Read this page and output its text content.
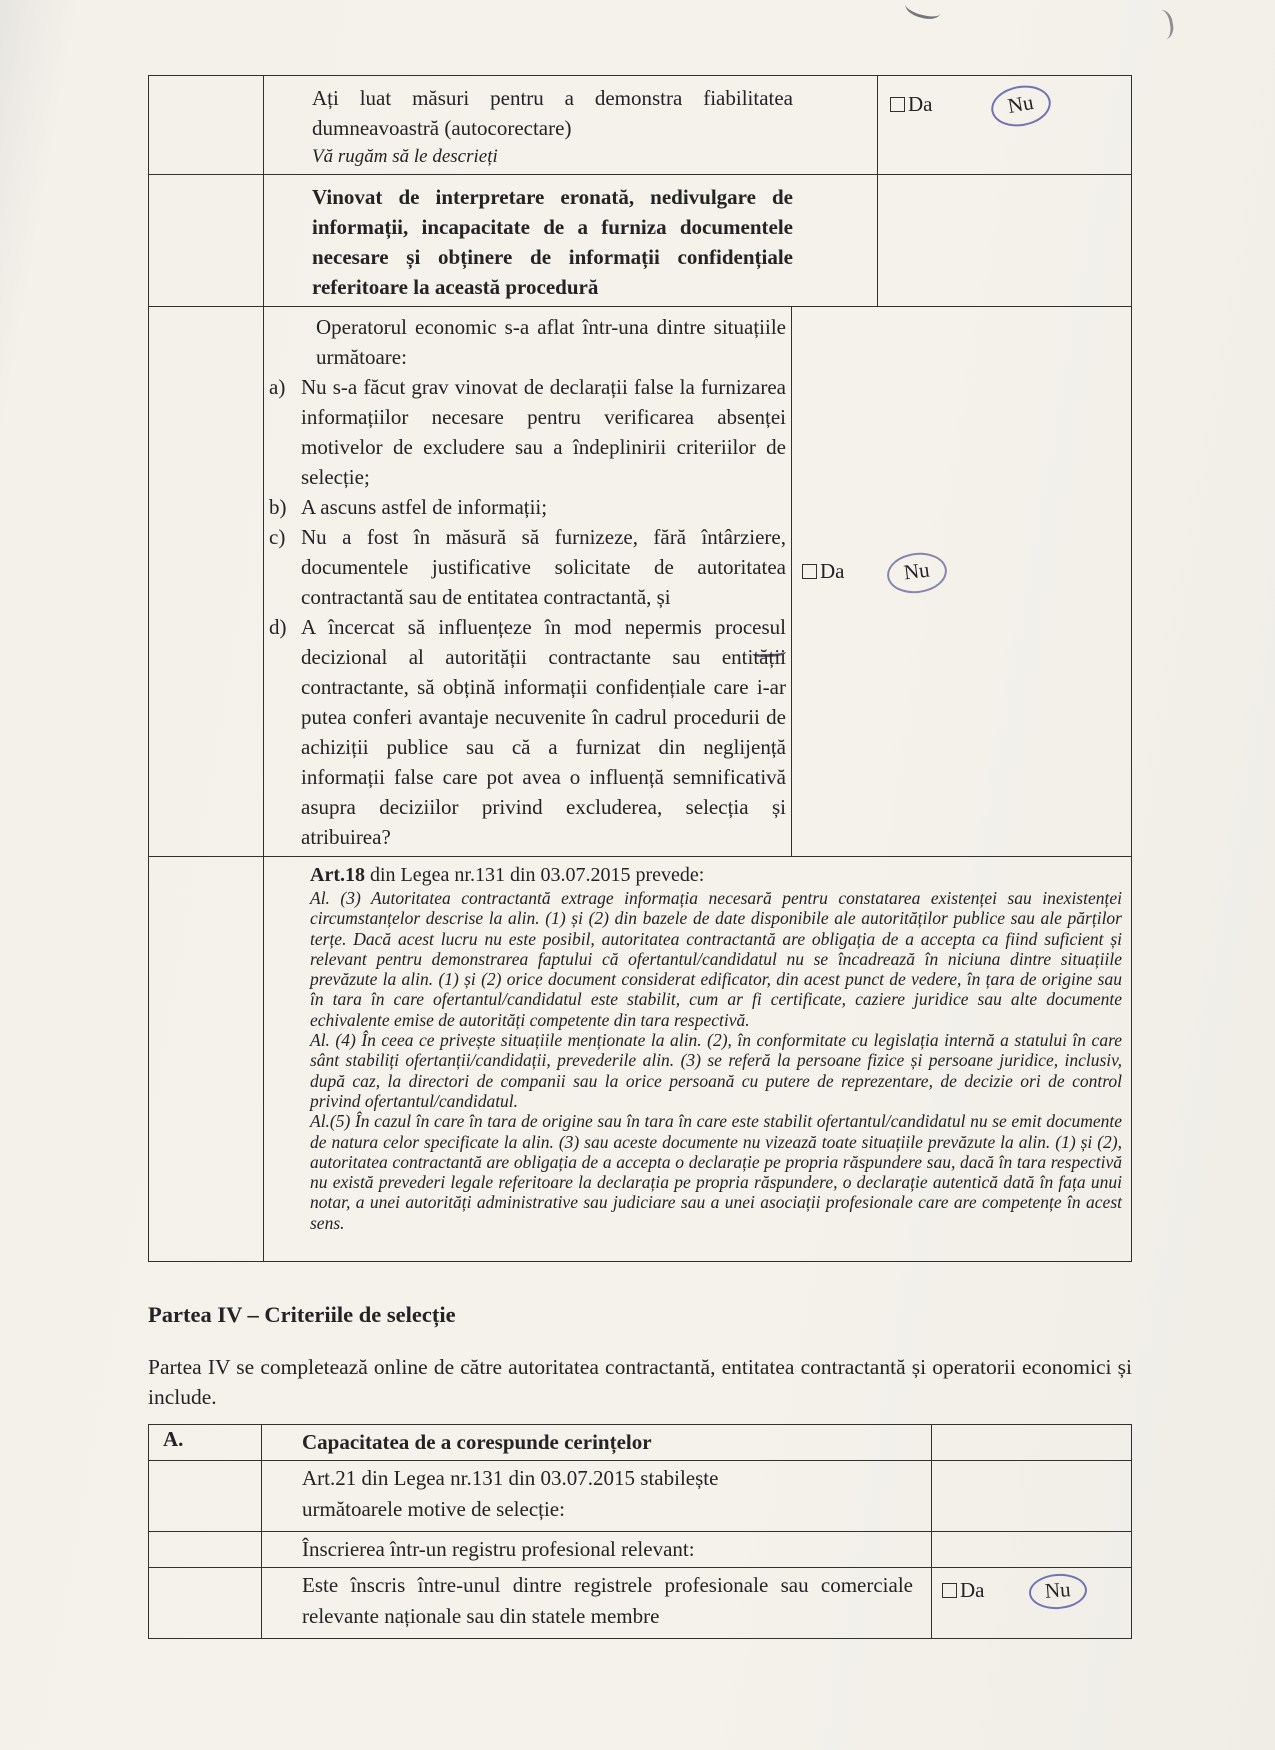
Ați luat măsuri pentru a demonstra fiabilitatea dumneavoastră (autocorectare)

Vă rugăm să le descrieți

Da	Nu

Vinovat de interpretare eronată, nedivulgare de informații, incapacitate de a furniza documentele necesare și obținere de informații confidențiale referitoare la această procedură

Operatorul economic s-a aflat într-una dintre situațiile următoare:

a) Nu s-a făcut grav vinovat de declarații false la furnizarea informațiilor necesare pentru verificarea absenței motivelor de excludere sau a îndeplinirii criteriilor de selecție;

b) A ascuns astfel de informații;

c) Nu a fost în măsură să furnizeze, fără întârziere, documentele justificative solicitate de autoritatea contractantă sau de entitatea contractantă, și

d) A încercat să influențeze în mod nepermis procesul decizional al autorității contractante sau entității contractante, să obțină informații confidențiale care i-ar putea conferi avantaje necuvenite în cadrul procedurii de achiziții publice sau că a furnizat din neglijență informații false care pot avea o influență semnificativă asupra deciziilor privind excluderea, selecția și atribuirea?

Da	Nu

Art.18 din Legea nr.131 din 03.07.2015 prevede:

Al. (3) Autoritatea contractantă extrage informația necesară pentru constatarea existenței sau inexistenței circumstanțelor descrise la alin. (1) și (2) din bazele de date disponibile ale autorităților publice sau ale părților terțe. Dacă acest lucru nu este posibil, autoritatea contractantă are obligația de a accepta ca fiind suficient și relevant pentru demonstrarea faptului că ofertantul/candidatul nu se încadrează în niciuna dintre situațiile prevăzute la alin. (1) și (2) orice document considerat edificator, din acest punct de vedere, în țara de origine sau în tara în care ofertantul/candidatul este stabilit, cum ar fi certificate, caziere juridice sau alte documente echivalente emise de autorități competente din tara respectivă.

Al. (4) În ceea ce privește situațiile menționate la alin. (2), în conformitate cu legislația internă a statului în care sânt stabiliți ofertanții/candidații, prevederile alin. (3) se referă la persoane fizice și persoane juridice, inclusiv, după caz, la directori de companii sau la orice persoană cu putere de reprezentare, de decizie ori de control privind ofertantul/candidatul.

Al.(5) În cazul în care în tara de origine sau în tara în care este stabilit ofertantul/candidatul nu se emit documente de natura celor specificate la alin. (3) sau aceste documente nu vizează toate situațiile prevăzute la alin. (1) și (2), autoritatea contractantă are obligația de a accepta o declarație pe propria răspundere sau, dacă în tara respectivă nu există prevederi legale referitoare la declarația pe propria răspundere, o declarație autentică dată în fața unui notar, a unei autorități administrative sau judiciare sau a unei asociații profesionale care are competențe în acest sens.

Partea IV – Criteriile de selecție

Partea IV se completează online de către autoritatea contractantă, entitatea contractantă și operatorii economici și include.

A.	Capacitatea de a corespunde cerințelor

Art.21 din Legea nr.131 din 03.07.2015 stabilește următoarele motive de selecție:

Înscrierea într-un registru profesional relevant:

Este înscris între-unul dintre registrele profesionale sau comerciale relevante naționale sau din statele membre

Da	Nu
